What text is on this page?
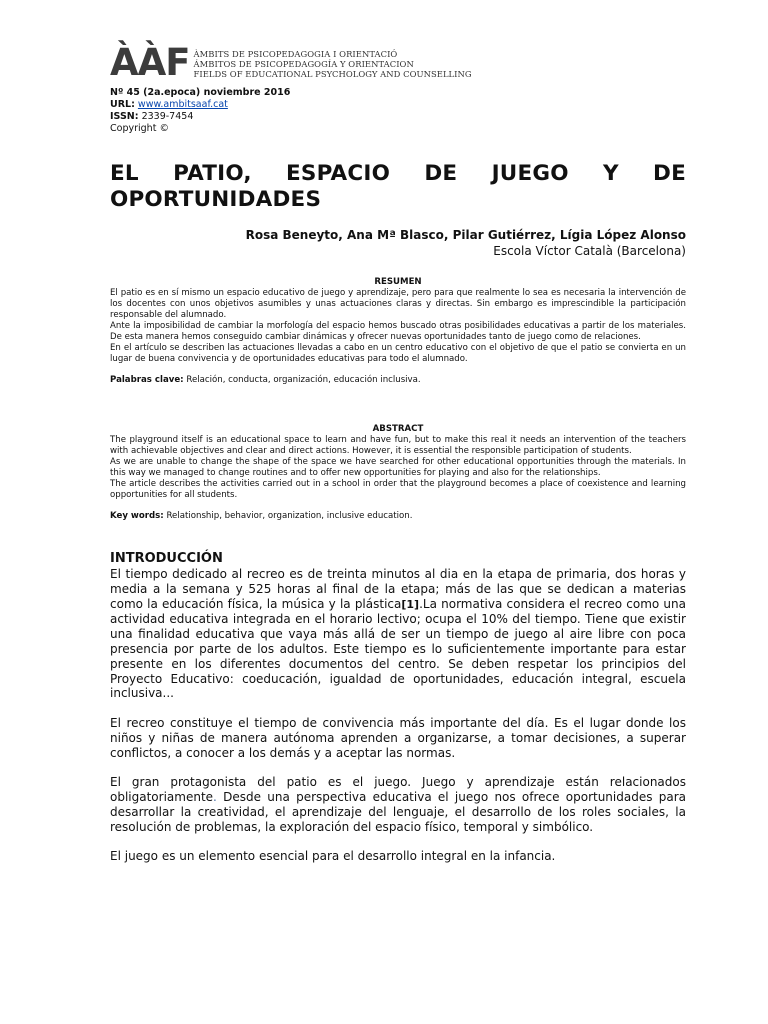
ÀÀF ÀMBITS DE PSICOPEDAGOGIA I ORIENTACIÓ
ÁMBITOS DE PSICOPEDAGOGÍA Y ORIENTACION
FIELDS OF EDUCATIONAL PSYCHOLOGY AND COUNSELLING
Nº 45 (2a.epoca) noviembre 2016
URL: www.ambitsaaf.cat
ISSN: 2339-7454
Copyright ©
EL PATIO, ESPACIO DE JUEGO Y DE
OPORTUNIDADES
Rosa Beneyto, Ana Mª Blasco, Pilar Gutiérrez, Lígia López Alonso
Escola Víctor Català (Barcelona)
RESUMEN

El patio es en sí mismo un espacio educativo de juego y aprendizaje, pero para que realmente lo sea es necesaria la intervención de los docentes con unos objetivos asumibles y unas actuaciones claras y directas. Sin embargo es imprescindible la participación responsable del alumnado.

Ante la imposibilidad de cambiar la morfología del espacio hemos buscado otras posibilidades educativas a partir de los materiales. De esta manera hemos conseguido cambiar dinámicas y ofrecer nuevas oportunidades tanto de juego como de relaciones.

En el artículo se describen las actuaciones llevadas a cabo en un centro educativo con el objetivo de que el patio se convierta en un lugar de buena convivencia y de oportunidades educativas para todo el alumnado.

Palabras clave: Relación, conducta, organización, educación inclusiva.
ABSTRACT

The playground itself is an educational space to learn and have fun, but to make this real it needs an intervention of the teachers with achievable objectives and clear and direct actions. However, it is essential the responsible participation of students.

As we are unable to change the shape of the space we have searched for other educational opportunities through the materials. In this way we managed to change routines and to offer new opportunities for playing and also for the relationships.

The article describes the activities carried out in a school in order that the playground becomes a place of coexistence and learning opportunities for all students.

Key words: Relationship, behavior, organization, inclusive education.
INTRODUCCIÓN

El tiempo dedicado al recreo es de treinta minutos al dia en la etapa de primaria, dos horas y media a la semana y 525 horas al final de la etapa; más de las que se dedican a materias como la educación física, la música y la plástica[1].La normativa considera el recreo como una actividad educativa integrada en el horario lectivo; ocupa el 10% del tiempo. Tiene que existir una finalidad educativa que vaya más allá de ser un tiempo de juego al aire libre con poca presencia por parte de los adultos. Este tiempo es lo suficientemente importante para estar presente en los diferentes documentos del centro. Se deben respetar los principios del Proyecto Educativo: coeducación, igualdad de oportunidades, educación integral, escuela inclusiva...

El recreo constituye el tiempo de convivencia más importante del día. Es el lugar donde los niños y niñas de manera autónoma aprenden a organizarse, a tomar decisiones, a superar conflictos, a conocer a los demás y a aceptar las normas.

El gran protagonista del patio es el juego. Juego y aprendizaje están relacionados obligatoriamente. Desde una perspectiva educativa el juego nos ofrece oportunidades para desarrollar la creatividad, el aprendizaje del lenguaje, el desarrollo de los roles sociales, la resolución de problemas, la exploración del espacio físico, temporal y simbólico.

El juego es un elemento esencial para el desarrollo integral en la infancia.
